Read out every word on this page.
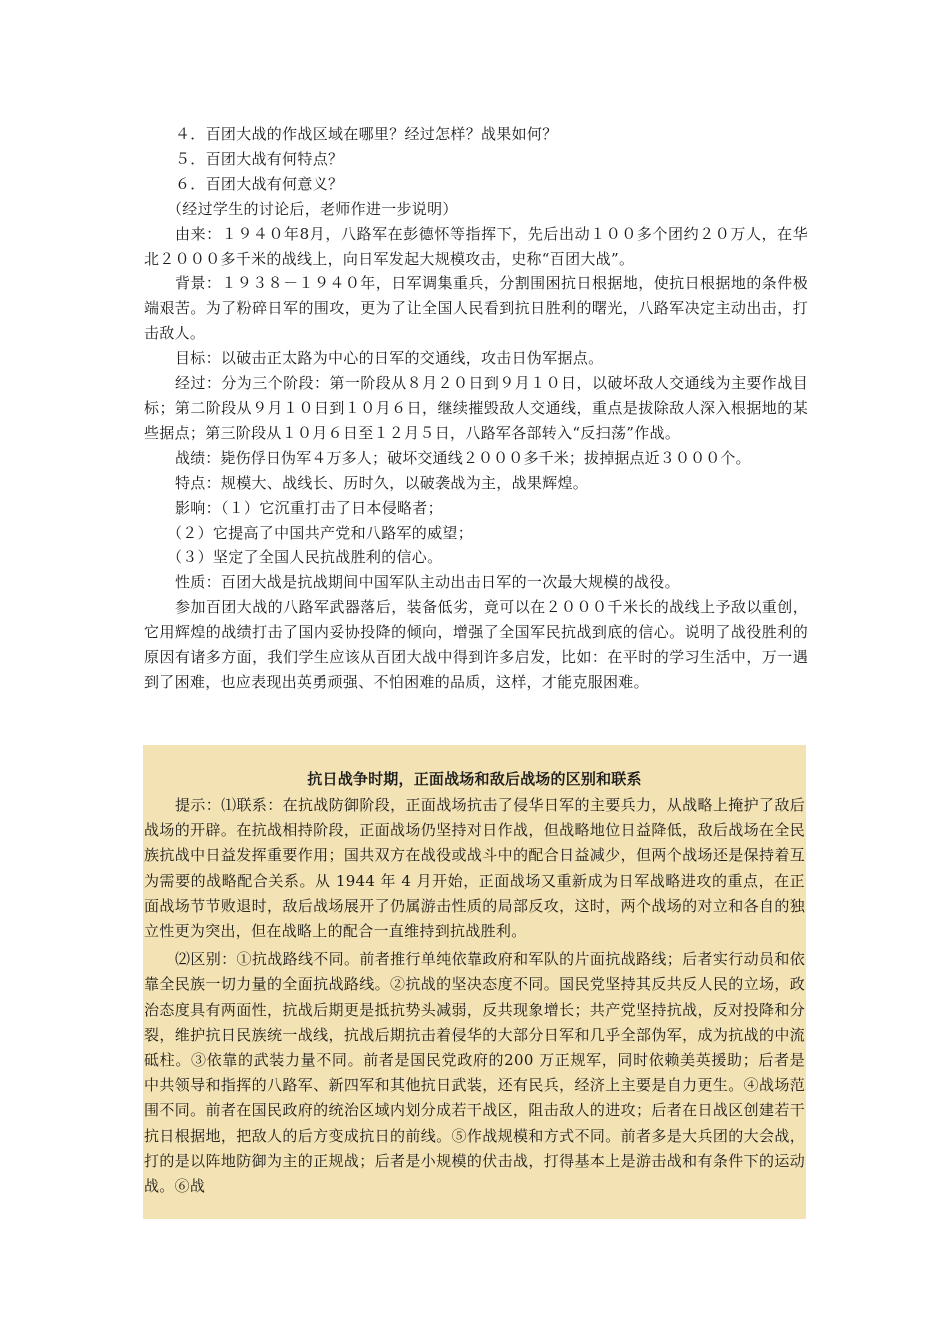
４．百团大战的作战区域在哪里？经过怎样？战果如何？

５．百团大战有何特点？

６．百团大战有何意义？

（经过学生的讨论后，老师作进一步说明）

由来：１９４０年8月，八路军在彭德怀等指挥下，先后出动１００多个团约２０万人，在华北２０００多千米的战线上，向日军发起大规模攻击，史称“百团大战”。

背景：１９３８－１９４０年，日军调集重兵，分割围困抗日根据地，使抗日根据地的条件极端艰苦。为了粉碎日军的围攻，更为了让全国人民看到抗日胜利的曙光，八路军决定主动出击，打击敌人。

目标：以破击正太路为中心的日军的交通线，攻击日伪军据点。

经过：分为三个阶段：第一阶段从８月２０日到９月１０日，以破坏敌人交通线为主要作战目标；第二阶段从９月１０日到１０月６日，继续摧毁敌人交通线，重点是拔除敌人深入根据地的某些据点；第三阶段从１０月６日至１２月５日，八路军各部转入“反扫荡”作战。

战绩：毙伤俘日伪军４万多人；破坏交通线２０００多千米；拔掉据点近３０００个。

特点：规模大、战线长、历时久，以破袭战为主，战果辉煌。

影响：（１）它沉重打击了日本侵略者；

（２）它提高了中国共产党和八路军的威望；

（３）坚定了全国人民抗战胜利的信心。

性质：百团大战是抗战期间中国军队主动出击日军的一次最大规模的战役。

参加百团大战的八路军武器落后，装备低劣，竟可以在２０００千米长的战线上予敌以重创，它用辉煌的战绩打击了国内妥协投降的倾向，增强了全国军民抗战到底的信心。说明了战役胜利的原因有诸多方面，我们学生应该从百团大战中得到许多启发，比如：在平时的学习生活中，万一遇到了困难，也应表现出英勇顽强、不怕困难的品质，这样，才能克服困难。

抗日战争时期，正面战场和敌后战场的区别和联系

提示：⑴联系：在抗战防御阶段，正面战场抗击了侵华日军的主要兵力，从战略上掩护了敌后战场的开辟。在抗战相持阶段，正面战场仍坚持对日作战，但战略地位日益降低，敌后战场在全民族抗战中日益发挥重要作用；国共双方在战役或战斗中的配合日益减少，但两个战场还是保持着互为需要的战略配合关系。从 1944 年 4 月开始，正面战场又重新成为日军战略进攻的重点，在正面战场节节败退时，敌后战场展开了仍属游击性质的局部反攻，这时，两个战场的对立和各自的独立性更为突出，但在战略上的配合一直维持到抗战胜利。

⑵区别：①抗战路线不同。前者推行单纯依靠政府和军队的片面抗战路线；后者实行动员和依靠全民族一切力量的全面抗战路线。②抗战的坚决态度不同。国民党坚持其反共反人民的立场，政治态度具有两面性，抗战后期更是抵抗势头减弱，反共现象增长；共产党坚持抗战，反对投降和分裂，维护抗日民族统一战线，抗战后期抗击着侵华的大部分日军和几乎全部伪军，成为抗战的中流砥柱。③依靠的武装力量不同。前者是国民党政府的200 万正规军，同时依赖美英援助；后者是中共领导和指挥的八路军、新四军和其他抗日武装，还有民兵，经济上主要是自力更生。④战场范围不同。前者在国民政府的统治区域内划分成若干战区，阻击敌人的进攻；后者在日战区创建若干抗日根据地，把敌人的后方变成抗日的前线。⑤作战规模和方式不同。前者多是大兵团的大会战，打的是以阵地防御为主的正规战；后者是小规模的伏击战，打得基本上是游击战和有条件下的运动战。⑥战
